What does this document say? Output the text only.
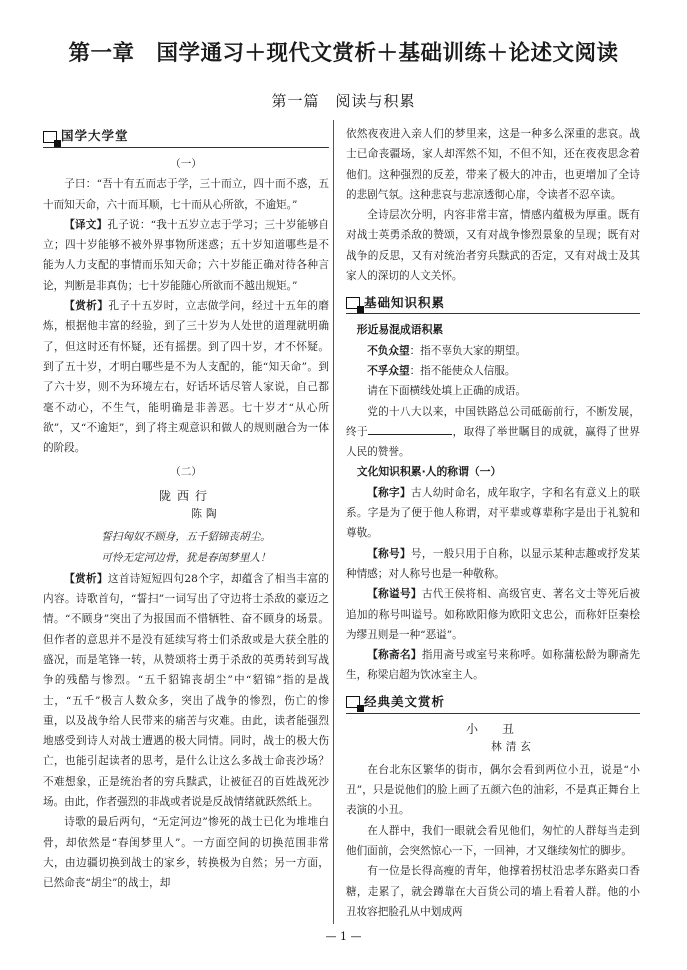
第一章　国学通习＋现代文赏析＋基础训练＋论述文阅读
第一篇　阅读与积累
国学大学堂

（一）

子曰：“吾十有五而志于学，三十而立，四十而不惑，五十而知天命，六十而耳顺，七十而从心所欲，不逾矩。”

【译文】孔子说：“我十五岁立志于学习；三十岁能够自立；四十岁能够不被外界事物所迷惑；五十岁知道哪些是不能为人力支配的事情而乐知天命；六十岁能正确对待各种言论，判断是非真伪；七十岁能随心所欲而不越出规矩。”

【赏析】孔子十五岁时，立志做学问，经过十五年的磨炼，根据他丰富的经验，到了三十岁为人处世的道理就明确了，但这时还有怀疑，还有摇摆。到了四十岁，才不怀疑。到了五十岁，才明白哪些是不为人支配的，能“知天命”。到了六十岁，则不为环境左右，好话坏话尽管人家说，自己都毫不动心，不生气，能明确是非善恶。七十岁才“从心所欲”，又“不逾矩”，到了将主观意识和做人的规则融合为一体的阶段。

（二）

陇西行

陈陶

誓扫匈奴不顾身，五千貂锦丧胡尘。

可怜无定河边骨，犹是春闺梦里人！

【赏析】这首诗短短四句28个字，却蕴含了相当丰富的内容。诗歌首句，“誓扫”一词写出了守边将士杀敌的豪迈之情。“不顾身”突出了为报国而不惜牺牲、奋不顾身的场景。但作者的意思并不是没有延续写将士们杀敌或是大获全胜的盛况，而是笔锋一转，从赞颂将士勇于杀敌的英勇转到写战争的残酷与惨烈。“五千貂锦丧胡尘”中“貂锦”指的是战士，“五千”极言人数众多，突出了战争的惨烈，伤亡的惨重，以及战争给人民带来的痛苦与灾难。由此，读者能强烈地感受到诗人对战士遭遇的极大同情。同时，战士的极大伤亡，也能引起读者的思考，是什么让这么多战士命丧沙场？不难想象，正是统治者的穷兵黩武，让被征召的百姓战死沙场。由此，作者强烈的非战或者说是反战情绪就跃然纸上。

诗歌的最后两句，“无定河边”惨死的战士已化为堆堆白骨，却依然是“春闺梦里人”。一方面空间的切换范围非常大，由边疆切换到战士的家乡，转换极为自然；另一方面，已然命丧“胡尘”的战士，却

依然夜夜进入亲人们的梦里来，这是一种多么深重的悲哀。战士已命丧疆场，家人却浑然不知，不但不知，还在夜夜思念着他们。这种强烈的反差，带来了极大的冲击，也更增加了全诗的悲剧气氛。这种悲哀与悲凉透彻心扉，令读者不忍卒读。

全诗层次分明，内容非常丰富，情感内蕴极为厚重。既有对战士英勇杀敌的赞颂，又有对战争惨烈景象的呈现；既有对战争的反思，又有对统治者穷兵黩武的否定，又有对战士及其家人的深切的人文关怀。

基础知识积累

形近易混成语积累

不负众望：指不辜负大家的期望。

不孚众望：指不能使众人信服。

请在下面横线处填上正确的成语。

党的十八大以来，中国铁路总公司砥砺前行，不断发展，终于	，取得了举世瞩目的成就，赢得了世界人民的赞誉。

文化知识积累·人的称谓（一）

【称字】古人幼时命名，成年取字，字和名有意义上的联系。字是为了便于他人称谓，对平辈或尊辈称字是出于礼貌和尊敬。

【称号】号，一般只用于自称，以显示某种志趣或抒发某种情感；对人称号也是一种敬称。

【称谥号】古代王侯将相、高级官吏、著名文士等死后被追加的称号叫谥号。如称欧阳修为欧阳文忠公，而称奸臣秦桧为缪丑则是一种“恶谥”。

【称斋名】指用斋号或室号来称呼。如称蒲松龄为聊斋先生，称梁启超为饮冰室主人。

经典美文赏析

小　丑

林清玄

在台北东区繁华的街市，偶尔会看到两位小丑，说是“小丑”，只是说他们的脸上画了五颜六色的油彩，不是真正舞台上表演的小丑。

在人群中，我们一眼就会看见他们，匆忙的人群每当走到他们面前，会突然惊心一下，一回神，才又继续匆忙的脚步。

有一位是长得高瘦的青年，他撑着拐杖沿忠孝东路卖口香糖，走累了，就会蹲靠在大百货公司的墙上看着人群。他的小丑妆容把脸孔从中划成两

— 1 —
